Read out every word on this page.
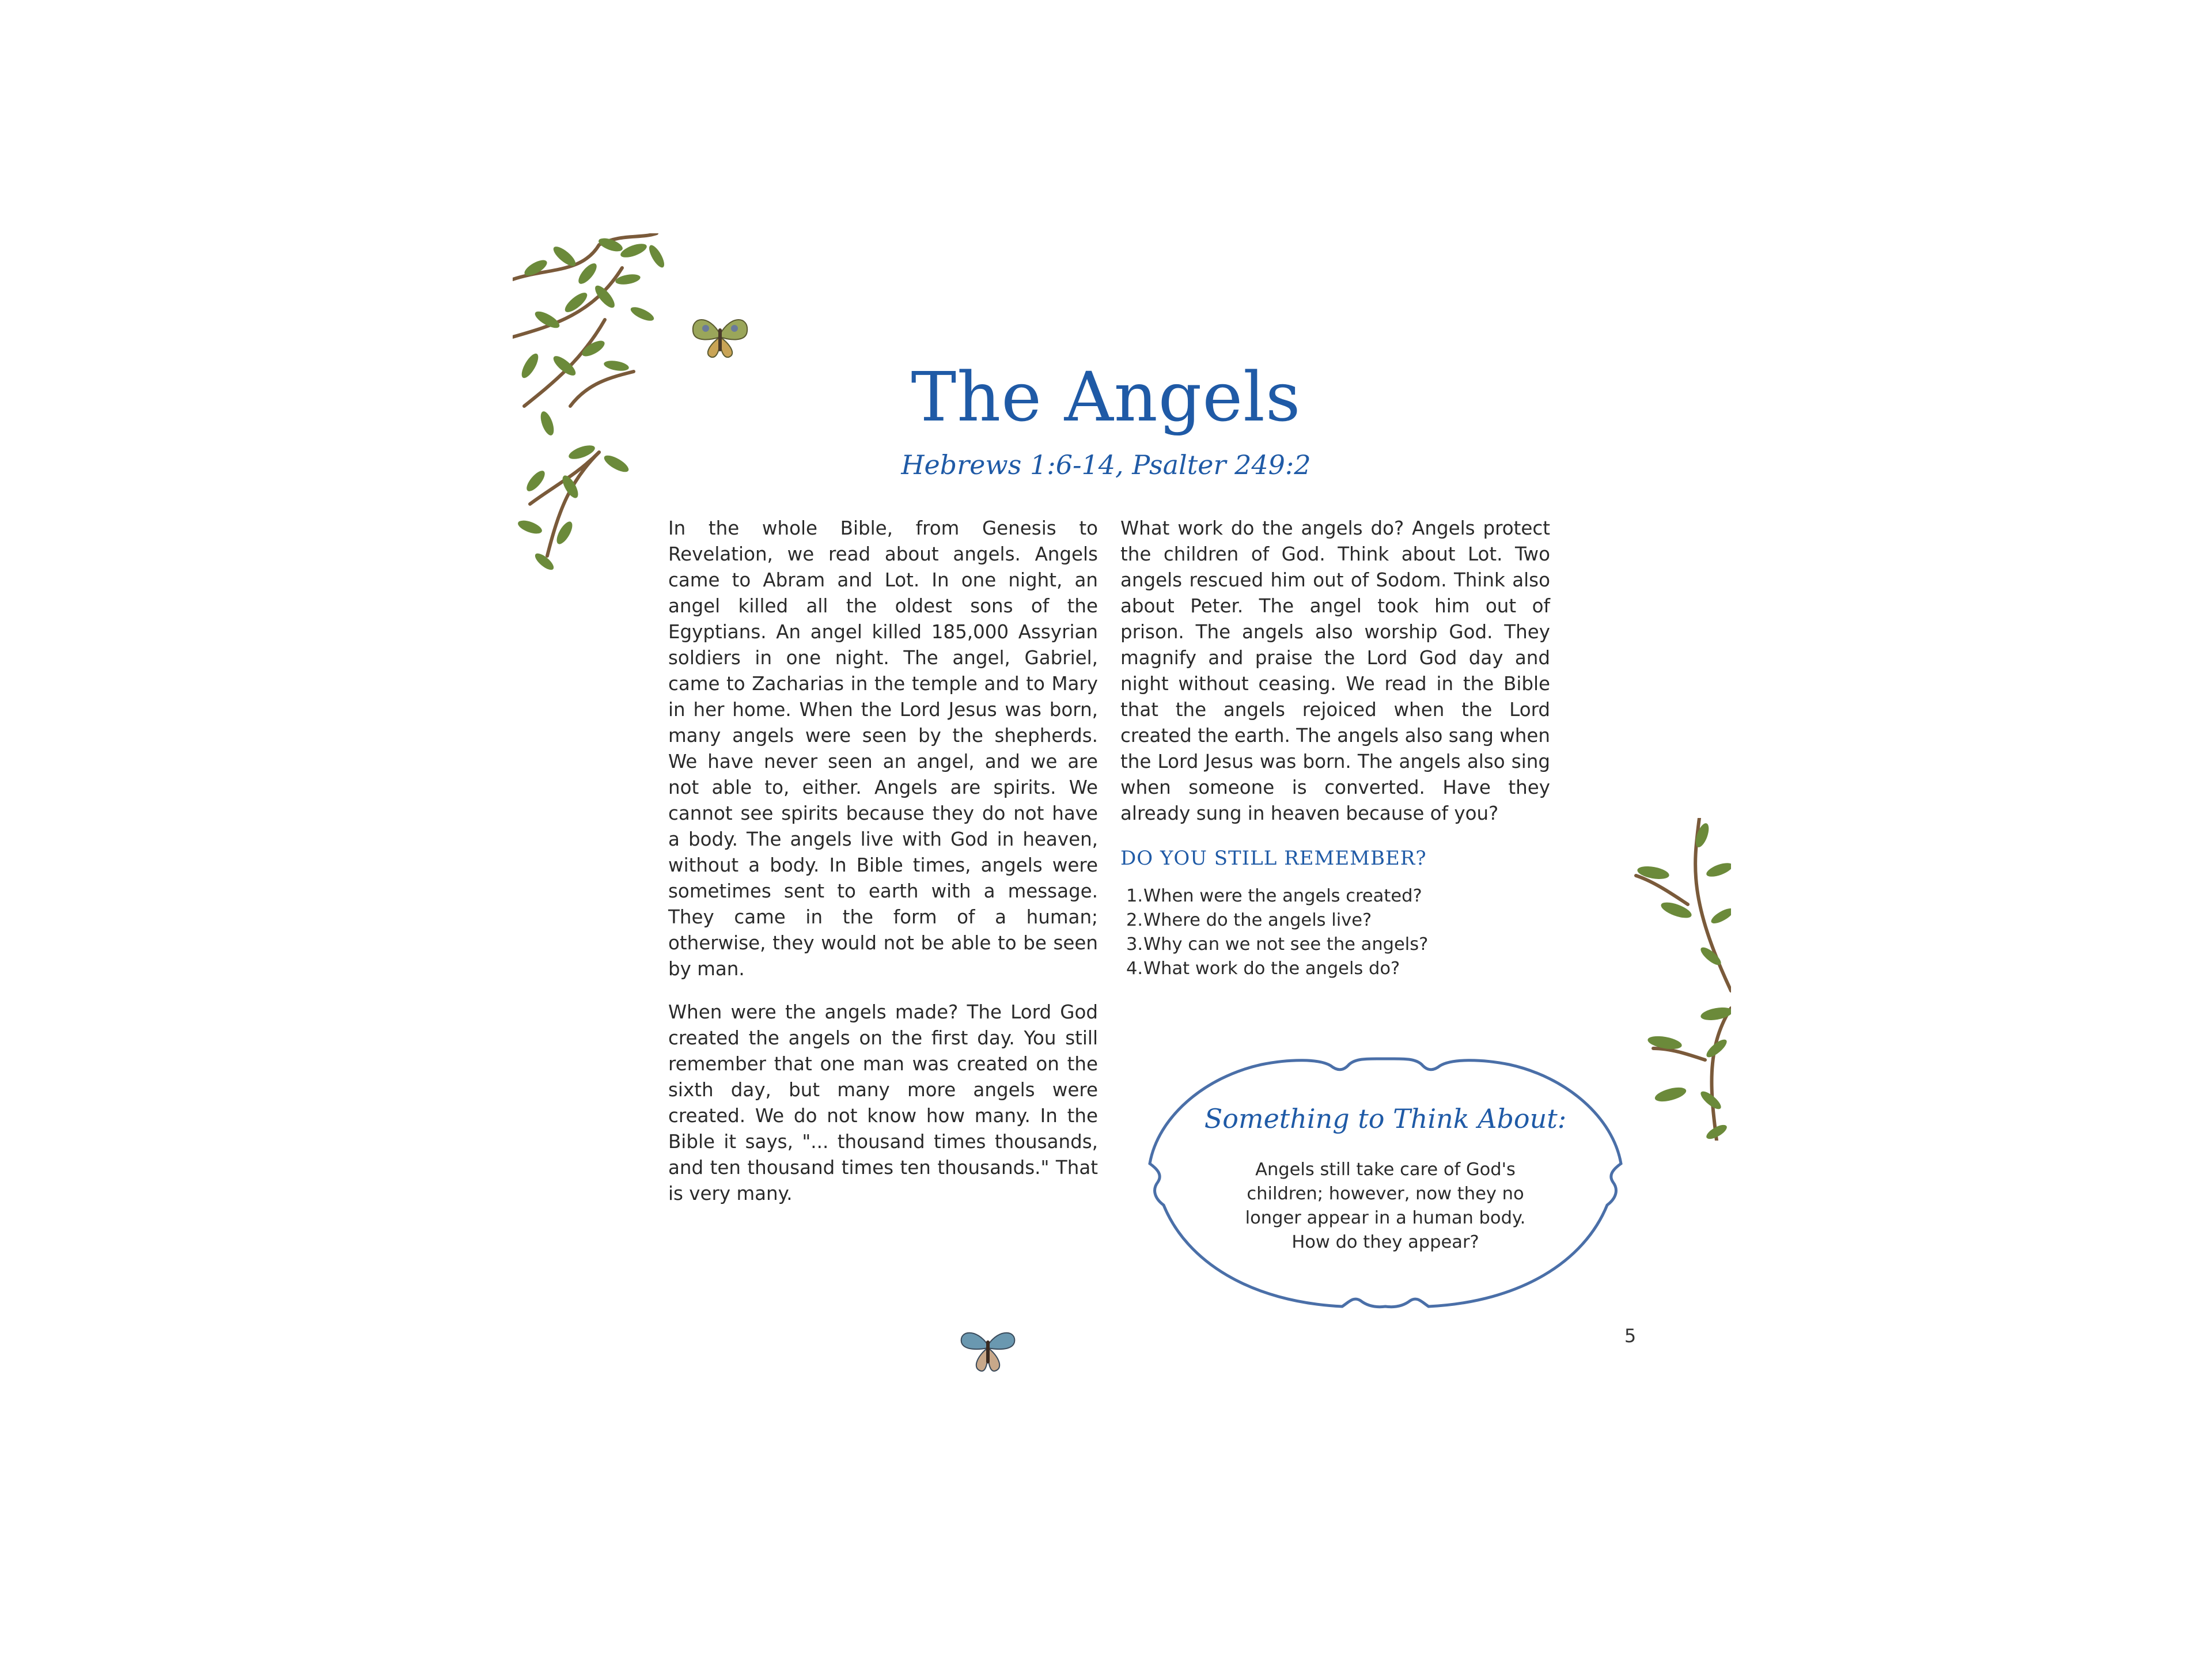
The Angels
Hebrews 1:6-14, Psalter 249:2

In the whole Bible, from Genesis to Revelation, we read about angels. Angels came to Abram and Lot. In one night, an angel killed all the oldest sons of the Egyptians. An angel killed 185,000 Assyrian soldiers in one night. The angel, Gabriel, came to Zacharias in the temple and to Mary in her home. When the Lord Jesus was born, many angels were seen by the shepherds. We have never seen an angel, and we are not able to, either. Angels are spirits. We cannot see spirits because they do not have a body. The angels live with God in heaven, without a body. In Bible times, angels were sometimes sent to earth with a message. They came in the form of a human; otherwise, they would not be able to be seen by man.

When were the angels made? The Lord God created the angels on the first day. You still remember that one man was created on the sixth day, but many more angels were created. We do not know how many. In the Bible it says, "... thousand times thousands, and ten thousand times ten thousands." That is very many.

What work do the angels do? Angels protect the children of God. Think about Lot. Two angels rescued him out of Sodom. Think also about Peter. The angel took him out of prison. The angels also worship God. They magnify and praise the Lord God day and night without ceasing. We read in the Bible that the angels rejoiced when the Lord created the earth. The angels also sang when the Lord Jesus was born. The angels also sing when someone is converted. Have they already sung in heaven because of you?

DO YOU STILL REMEMBER?
1.When were the angels created?
2.Where do the angels live?
3.Why can we not see the angels?
4.What work do the angels do?
Something to Think About:
Angels still take care of God's children; however, now they no longer appear in a human body. How do they appear?
5
